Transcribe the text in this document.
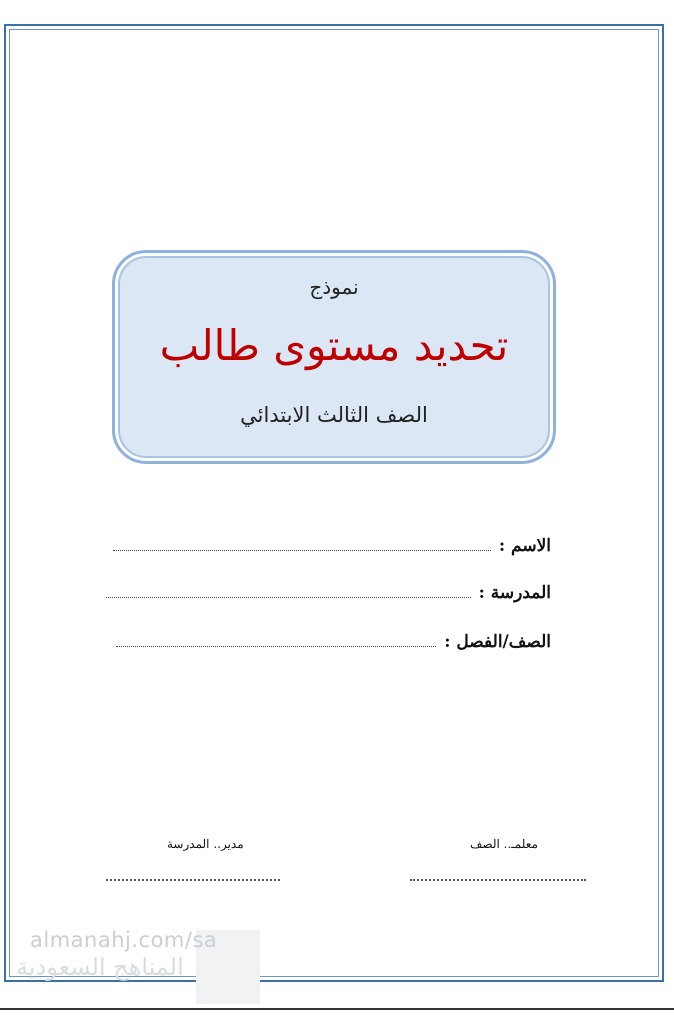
نموذج
تحديد مستوى طالب
الصف الثالث الابتدائي
الاسم :
المدرسة :
الصف/الفصل :
معلمـ.. الصف
مدير.. المدرسة
almanahj.com/sa
المناهج السعودية
